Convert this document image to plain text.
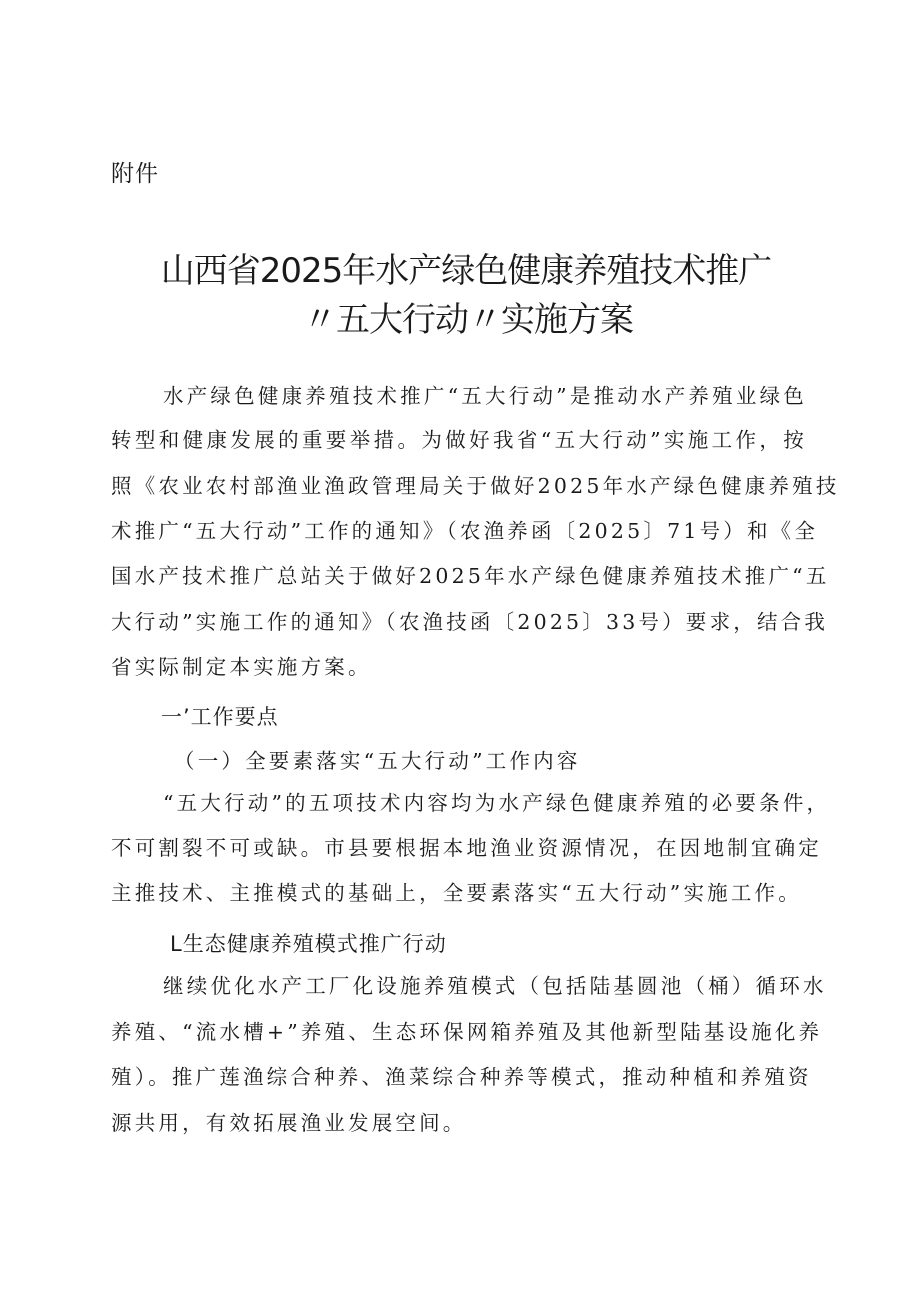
附件
山西省2025年水产绿色健康养殖技术推广
〃五大行动〃实施方案
水产绿色健康养殖技术推广“五大行动”是推动水产养殖业绿色
转型和健康发展的重要举措。为做好我省“五大行动”实施工作，按
照《农业农村部渔业渔政管理局关于做好2025年水产绿色健康养殖技
术推广“五大行动”工作的通知》（农渔养函〔2025〕71号）和《全
国水产技术推广总站关于做好2025年水产绿色健康养殖技术推广“五
大行动”实施工作的通知》（农渔技函〔2025〕33号）要求，结合我
省实际制定本实施方案。
一’工作要点
（一）全要素落实“五大行动”工作内容
“五大行动”的五项技术内容均为水产绿色健康养殖的必要条件，
不可割裂不可或缺。市县要根据本地渔业资源情况，在因地制宜确定
主推技术、主推模式的基础上，全要素落实“五大行动”实施工作。
L生态健康养殖模式推广行动
继续优化水产工厂化设施养殖模式（包括陆基圆池（桶）循环水
养殖、“流水槽+”养殖、生态环保网箱养殖及其他新型陆基设施化养
殖）。推广莲渔综合种养、渔菜综合种养等模式，推动种植和养殖资
源共用，有效拓展渔业发展空间。
